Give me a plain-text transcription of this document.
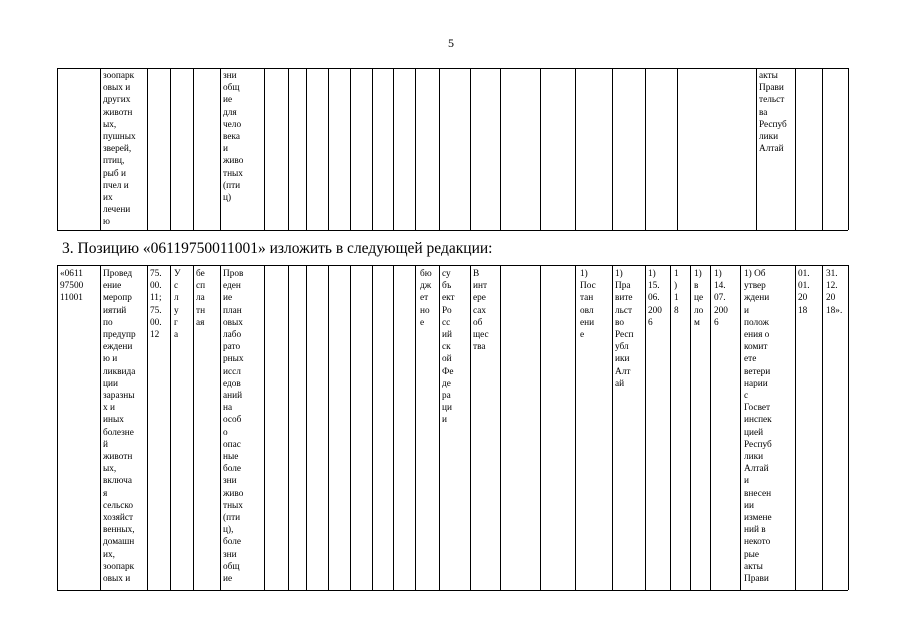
5
зоопарк
овых и
других
животн
ых,
пушных
зверей,
птиц,
рыб и
пчел и
их
лечени
ю
зни
общ
ие
для
чело
века
и
живо
тных
(пти
ц)
акты
Прави
тельст
ва
Респуб
лики
Алтай
3. Позицию «06119750011001» изложить в следующей редакции:
«0611
97500
11001
Провед
ение
меропр
иятий
по
предупр
еждени
ю и
ликвида
ции
заразны
х и
иных
болезне
й
животн
ых,
включа
я
сельско
хозяйст
венных,
домашн
их,
зоопарк
овых и
75.
00.
11;
75.
00.
12
У
с
л
у
г
а
бе
сп
ла
тн
ая
Пров
еден
ие
план
овых
лабо
рато
рных
иссл
едов
аний
на
особ
о
опас
ные
боле
зни
живо
тных
(пти
ц),
боле
зни
общ
ие
бю
дж
ет
но
е
су
бъ
ект
Ро
сс
ий
ск
ой
Фе
де
ра
ци
и
В
инт
ере
сах
об
щес
тва
1)
Пос
тан
овл
ени
е
1)
Пра
вите
льст
во
Респ
убл
ики
Алт
ай
1)
15.
06.
200
6
1
)
1
8
1)
в
це
ло
м
1)
14.
07.
200
6
1) Об
утвер
ждени
и
полож
ения о
комит
ете
ветери
нарии
с
Госвет
инспек
цией
Респуб
лики
Алтай
и
внесен
ии
измене
ний в
некото
рые
акты
Прави
01.
01.
20
18
31.
12.
20
18».
